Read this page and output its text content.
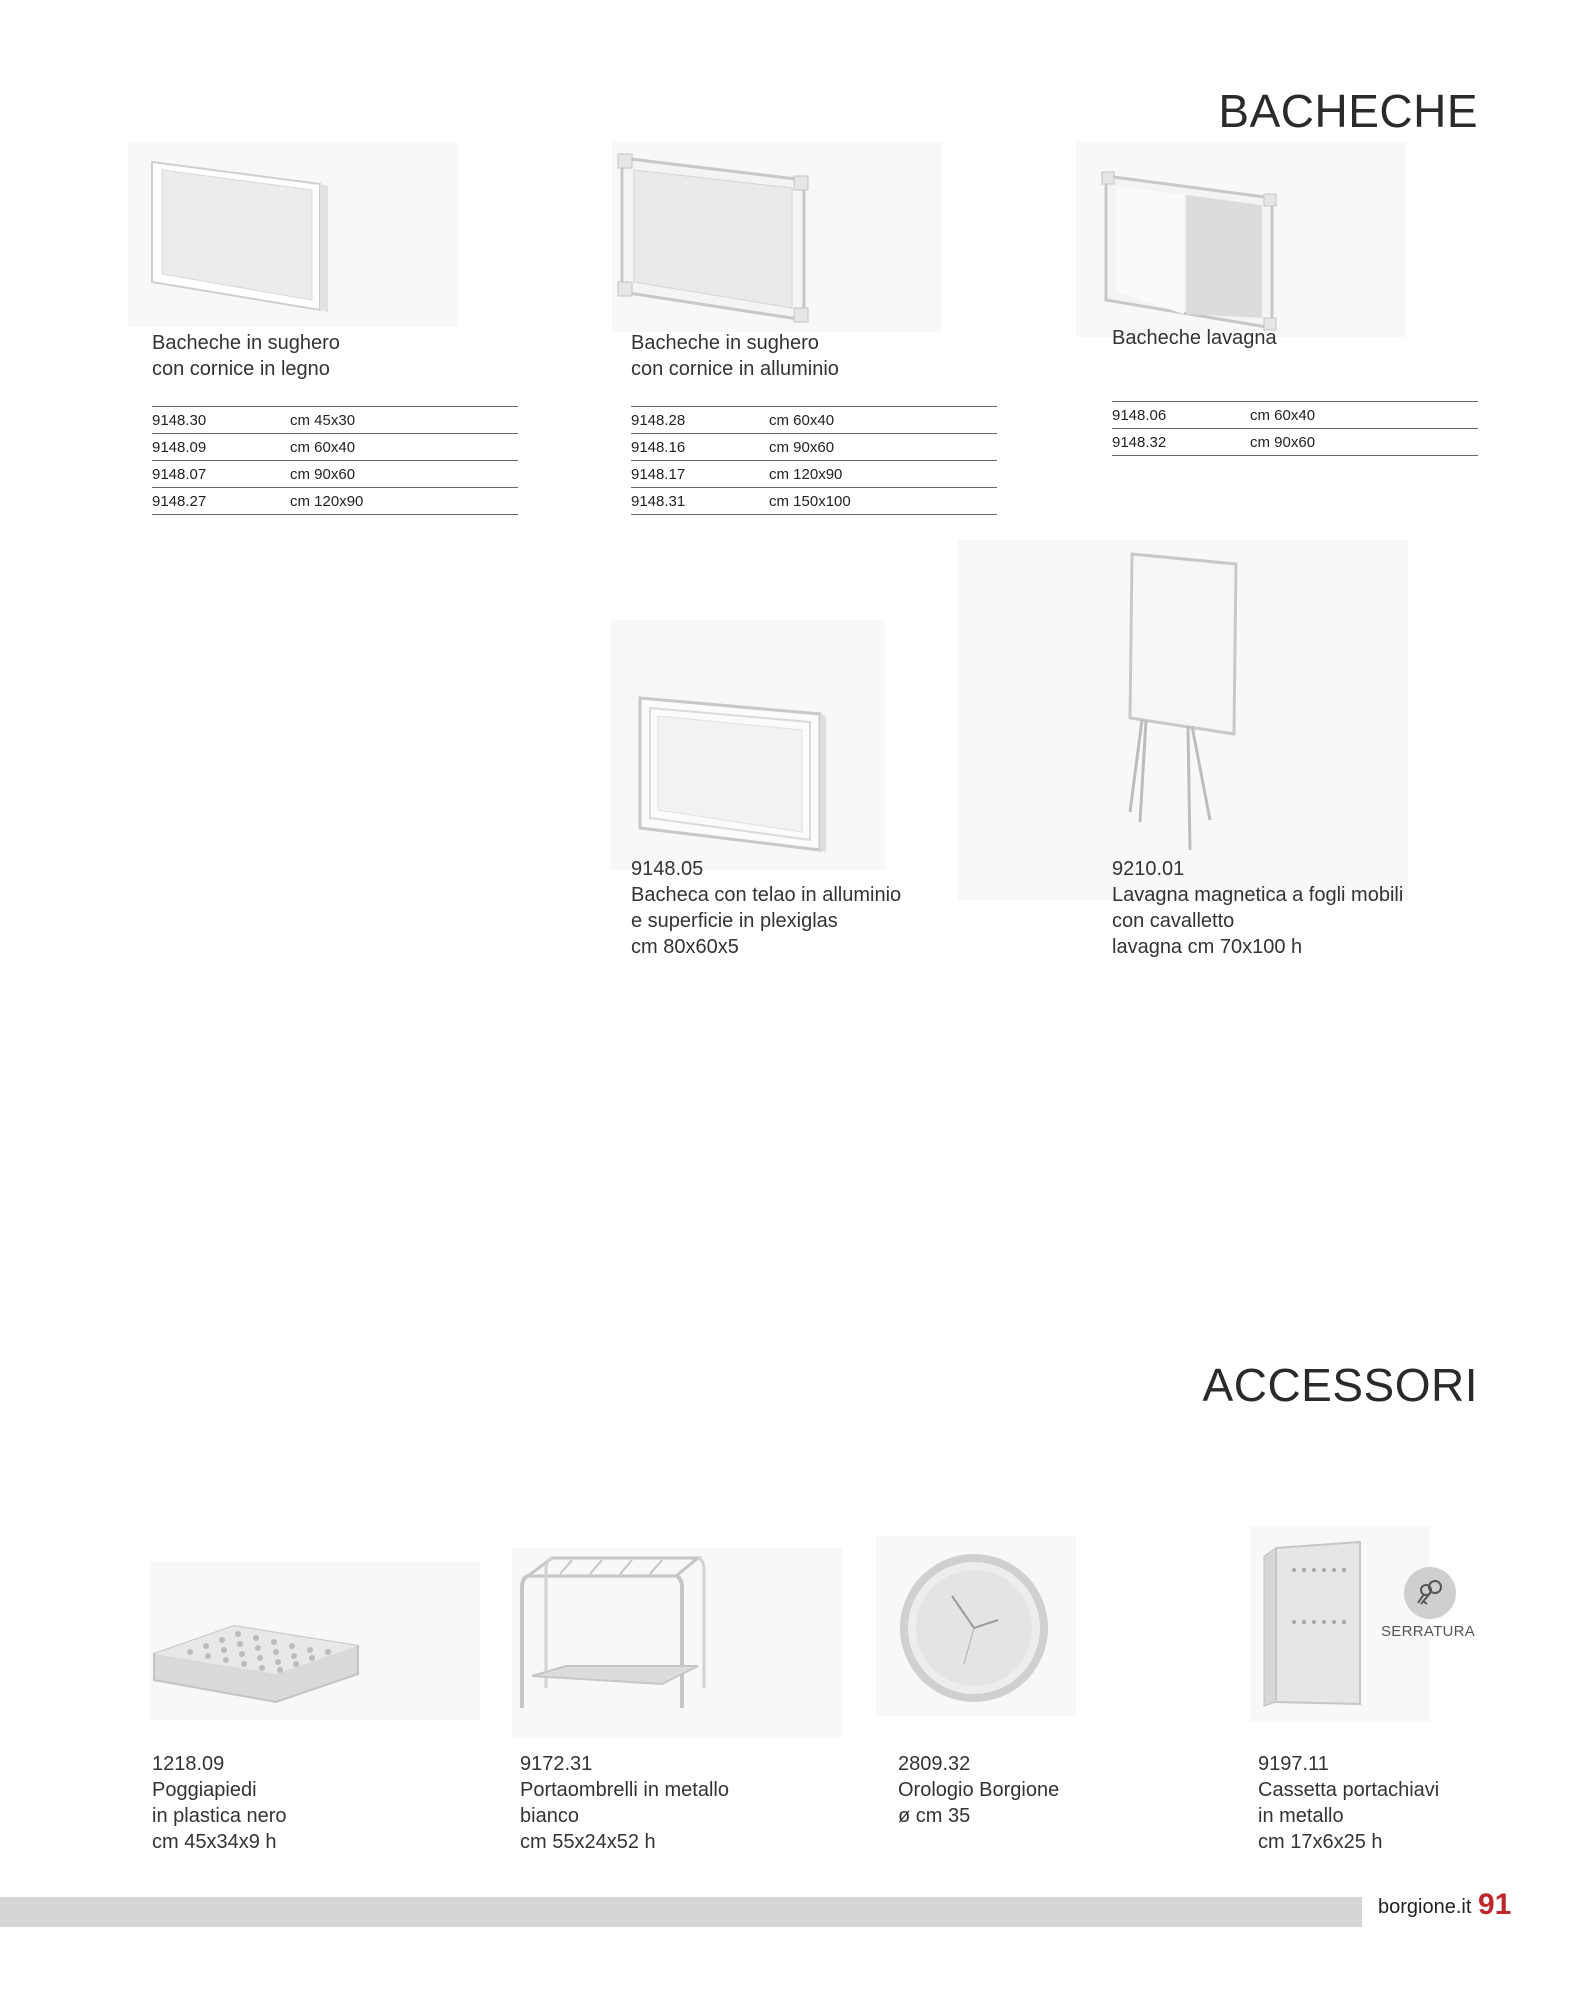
BACHECHE
Bacheche in sughero
con cornice in legno
9148.30	cm 45x30
9148.09	cm 60x40
9148.07	cm 90x60
9148.27	cm 120x90
Bacheche in sughero
con cornice in alluminio
9148.28	cm 60x40
9148.16	cm 90x60
9148.17	cm 120x90
9148.31	cm 150x100
Bacheche lavagna
9148.06	cm 60x40
9148.32	cm 90x60
9148.05
Bacheca con telao in alluminio
e superficie in plexiglas
cm 80x60x5
9210.01
Lavagna magnetica a fogli mobili
con cavalletto
lavagna cm 70x100 h
ACCESSORI
SERRATURA
1218.09
Poggiapiedi
in plastica nero
cm 45x34x9 h
9172.31
Portaombrelli in metallo
bianco
cm 55x24x52 h
2809.32
Orologio Borgione
ø cm 35
9197.11
Cassetta portachiavi
in metallo
cm 17x6x25 h
borgione.it 91
